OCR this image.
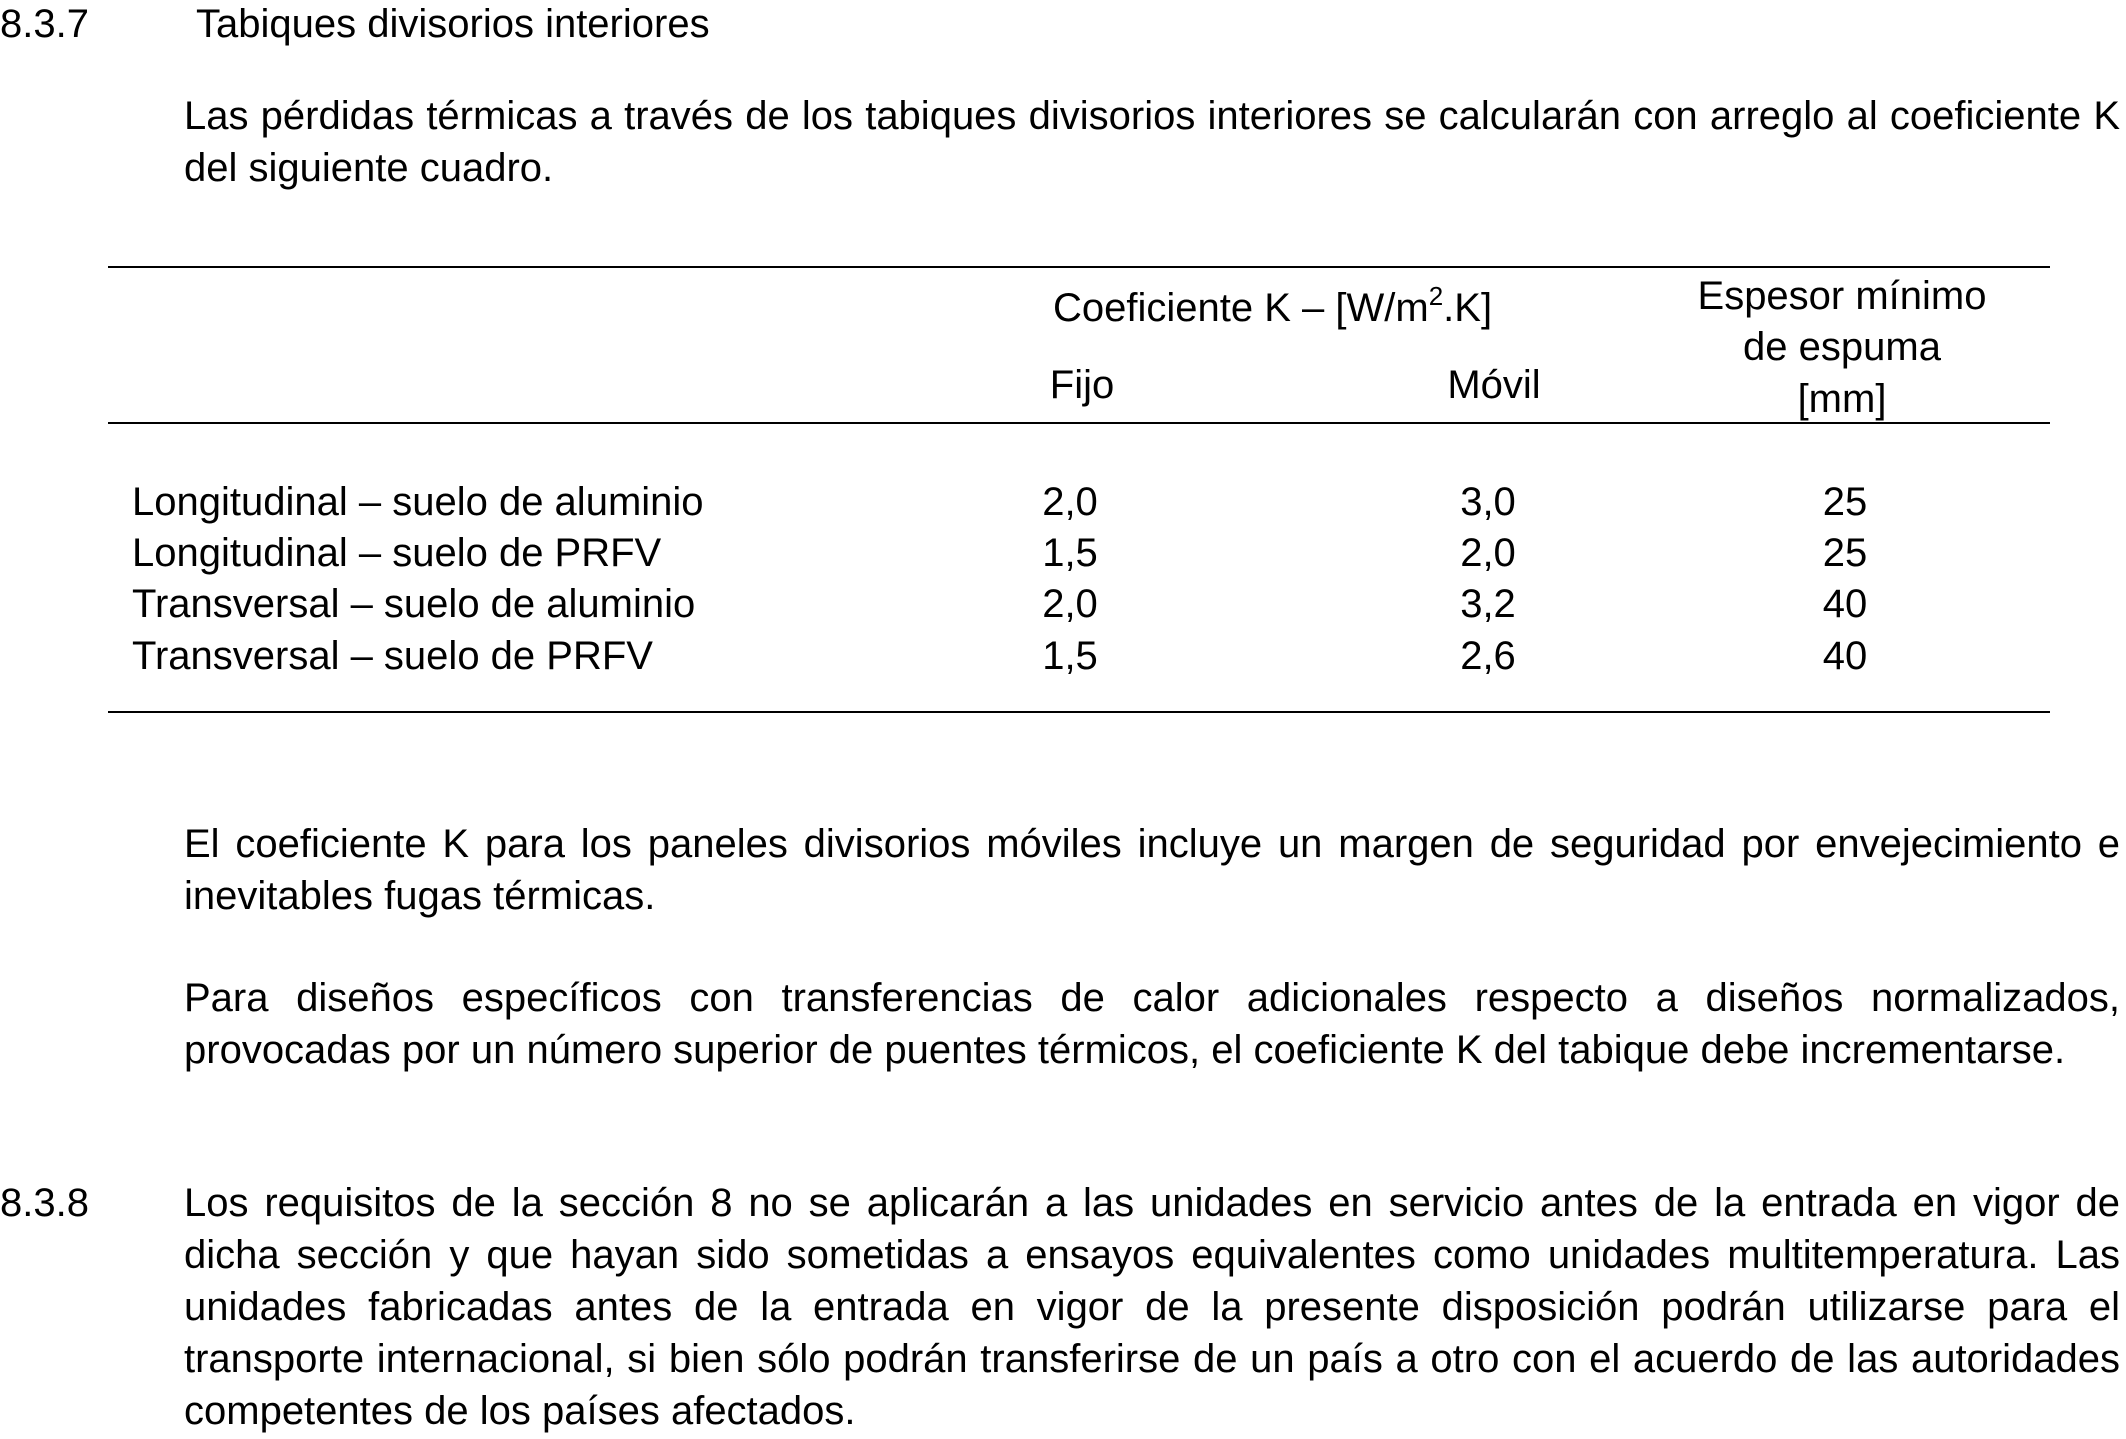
8.3.7	Tabiques divisorios interiores

Las pérdidas térmicas a través de los tabiques divisorios interiores se calcularán con arreglo al coeficiente K del siguiente cuadro.

Coeficiente K – $[W/m^2.K]$	Espesor mínimo
de espuma
[mm]
Fijo	Móvil
Longitudinal – suelo de aluminio	2,0	3,0	25
Longitudinal – suelo de PRFV	1,5	2,0	25
Transversal – suelo de aluminio	2,0	3,2	40
Transversal – suelo de PRFV	1,5	2,6	40

El coeficiente K para los paneles divisorios móviles incluye un margen de seguridad por envejecimiento e inevitables fugas térmicas.

Para diseños específicos con transferencias de calor adicionales respecto a diseños normalizados, provocadas por un número superior de puentes térmicos, el coeficiente K del tabique debe incrementarse.

8.3.8 Los requisitos de la sección 8 no se aplicarán a las unidades en servicio antes de la entrada en vigor de dicha sección y que hayan sido sometidas a ensayos equivalentes como unidades multitemperatura. Las unidades fabricadas antes de la entrada en vigor de la presente disposición podrán utilizarse para el transporte internacional, si bien sólo podrán transferirse de un país a otro con el acuerdo de las autoridades competentes de los países afectados.
